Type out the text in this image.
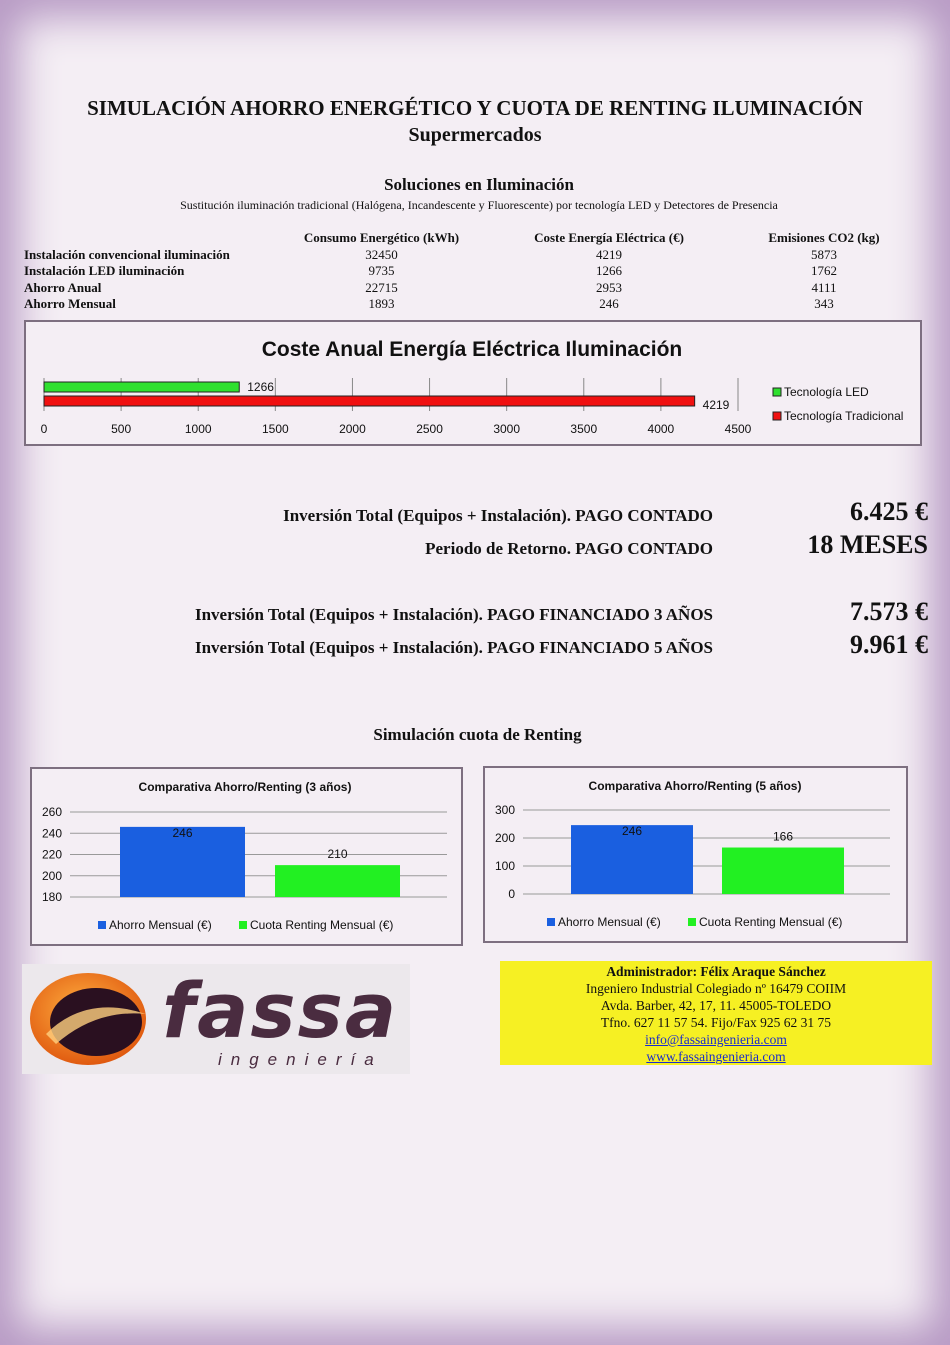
SIMULACIÓN AHORRO ENERGÉTICO Y CUOTA DE RENTING ILUMINACIÓN
Supermercados
Soluciones en Iluminación
Sustitución iluminación tradicional (Halógena, Incandescente y Fluorescente) por tecnología LED y Detectores de Presencia
	Consumo Energético (kWh)	Coste Energía Eléctrica (€)	Emisiones CO2 (kg)
Instalación convencional iluminación	32450	4219	5873
Instalación LED iluminación	9735	1266	1762
Ahorro Anual	22715	2953	4111
Ahorro Mensual	1893	246	343
Coste Anual Energía Eléctrica Iluminación
0	500	1000	1500	2000	2500	3000	3500	4000	4500
1266	Tecnología LED
4219
Tecnología Tradicional
Inversión Total (Equipos + Instalación). PAGO CONTADO	6.425 €
Periodo de Retorno. PAGO CONTADO	18 MESES
Inversión Total (Equipos + Instalación). PAGO FINANCIADO 3 AÑOS	7.573 €
Inversión Total (Equipos + Instalación). PAGO FINANCIADO 5 AÑOS	9.961 €
Simulación cuota de Renting
Comparativa Ahorro/Renting (3 años)
180
200
220
240
260
246
210
Ahorro Mensual (€)	Cuota Renting Mensual (€)
Comparativa Ahorro/Renting (5 años)
0
100
200
300
246	166
Ahorro Mensual (€)	Cuota Renting Mensual (€)
fassa
ingeniería
Administrador: Félix Araque Sánchez
Ingeniero Industrial Colegiado nº 16479 COIIM
Avda. Barber, 42, 17, 11. 45005-TOLEDO
Tfno. 627 11 57 54. Fijo/Fax 925 62 31 75
info@fassaingenieria.com
www.fassaingenieria.com
